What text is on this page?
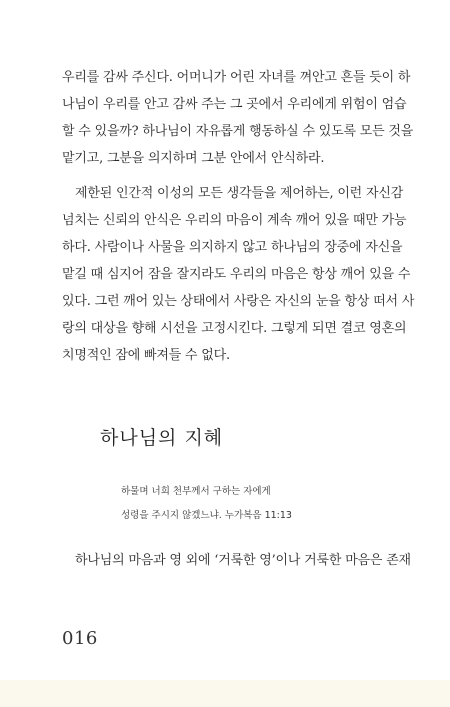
우리를 감싸 주신다. 어머니가 어린 자녀를 껴안고 흔들 듯이 하
나님이 우리를 안고 감싸 주는 그 곳에서 우리에게 위험이 엄습
할 수 있을까? 하나님이 자유롭게 행동하실 수 있도록 모든 것을
맡기고, 그분을 의지하며 그분 안에서 안식하라.
제한된 인간적 이성의 모든 생각들을 제어하는, 이런 자신감
넘치는 신뢰의 안식은 우리의 마음이 계속 깨어 있을 때만 가능
하다. 사람이나 사물을 의지하지 않고 하나님의 장중에 자신을
맡길 때 심지어 잠을 잘지라도 우리의 마음은 항상 깨어 있을 수
있다. 그런 깨어 있는 상태에서 사랑은 자신의 눈을 항상 떠서 사
랑의 대상을 향해 시선을 고정시킨다. 그렇게 되면 결코 영혼의
치명적인 잠에 빠져들 수 없다.
하나님의 지혜
하물며 너희 천부께서 구하는 자에게
성령을 주시지 않겠느냐. 누가복음 11:13
하나님의 마음과 영 외에 ‘거룩한 영’이나 거룩한 마음은 존재
016
